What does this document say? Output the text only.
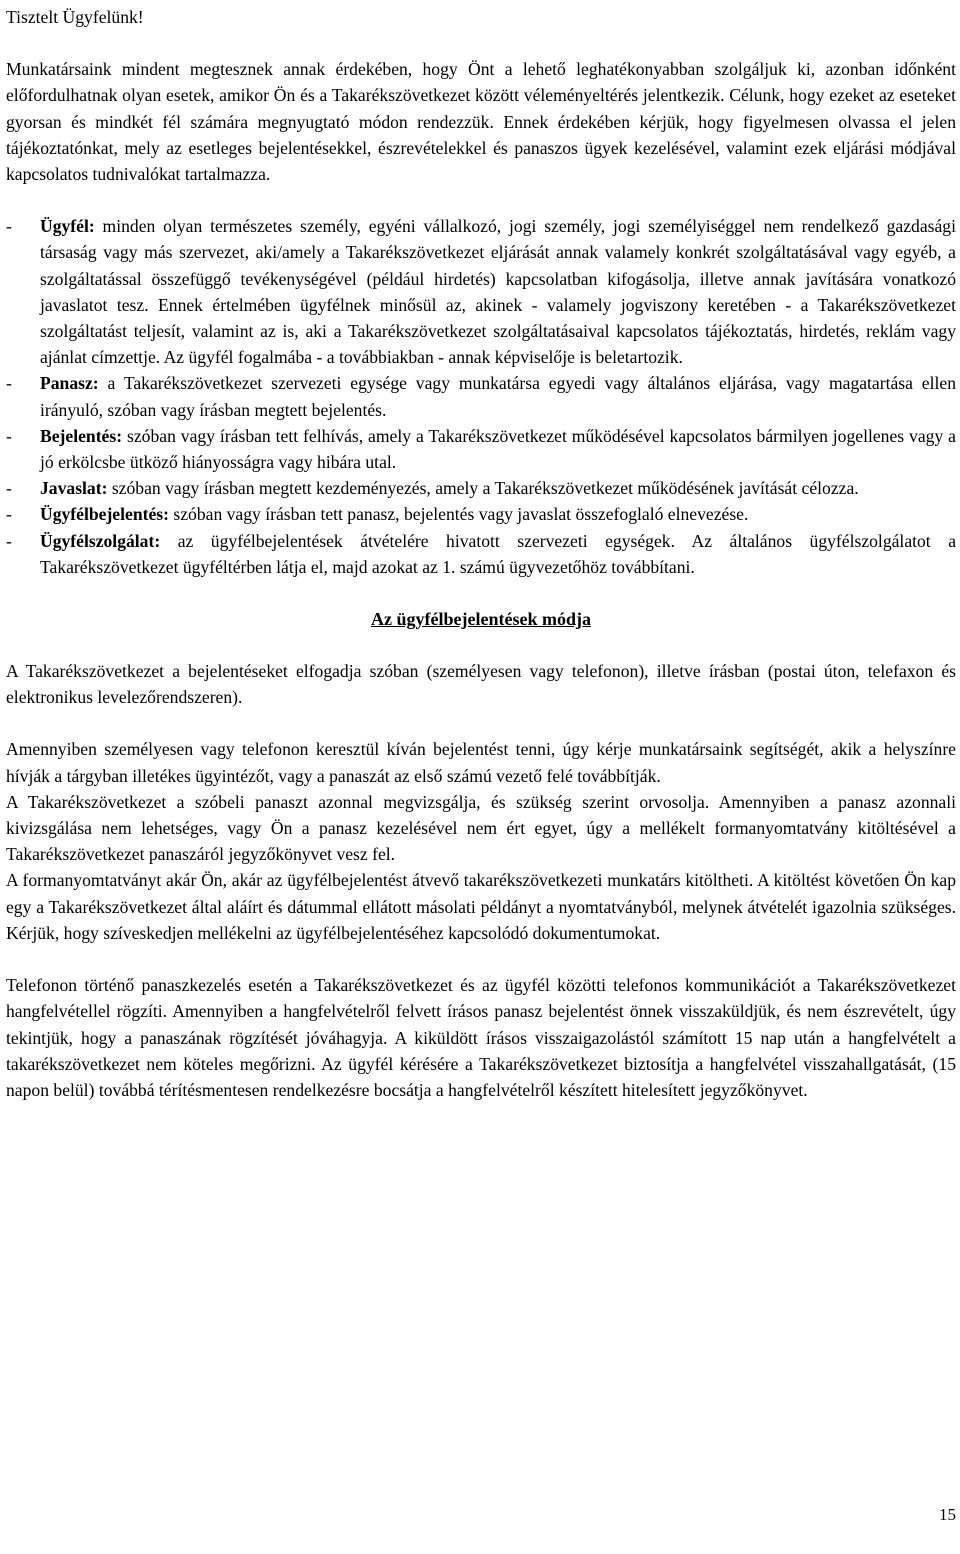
Tisztelt Ügyfelünk!

Munkatársaink mindent megtesznek annak érdekében, hogy Önt a lehető leghatékonyabban szolgáljuk ki, azonban időnként előfordulhatnak olyan esetek, amikor Ön és a Takarékszövetkezet között véleményeltérés jelentkezik. Célunk, hogy ezeket az eseteket gyorsan és mindkét fél számára megnyugtató módon rendezzük. Ennek érdekében kérjük, hogy figyelmesen olvassa el jelen tájékoztatónkat, mely az esetleges bejelentésekkel, észrevételekkel és panaszos ügyek kezelésével, valamint ezek eljárási módjával kapcsolatos tudnivalókat tartalmazza.

-	Ügyfél: minden olyan természetes személy, egyéni vállalkozó, jogi személy, jogi személyiséggel nem rendelkező gazdasági társaság vagy más szervezet, aki/amely a Takarékszövetkezet eljárását annak valamely konkrét szolgáltatásával vagy egyéb, a szolgáltatással összefüggő tevékenységével (például hirdetés) kapcsolatban kifogásolja, illetve annak javítására vonatkozó javaslatot tesz. Ennek értelmében ügyfélnek minősül az, akinek - valamely jogviszony keretében - a Takarékszövetkezet szolgáltatást teljesít, valamint az is, aki a Takarékszövetkezet szolgáltatásaival kapcsolatos tájékoztatás, hirdetés, reklám vagy ajánlat címzettje. Az ügyfél fogalmába - a továbbiakban - annak képviselője is beletartozik.
-	Panasz: a Takarékszövetkezet szervezeti egysége vagy munkatársa egyedi vagy általános eljárása, vagy magatartása ellen irányuló, szóban vagy írásban megtett bejelentés.
-	Bejelentés: szóban vagy írásban tett felhívás, amely a Takarékszövetkezet működésével kapcsolatos bármilyen jogellenes vagy a jó erkölcsbe ütköző hiányosságra vagy hibára utal.
-	Javaslat: szóban vagy írásban megtett kezdeményezés, amely a Takarékszövetkezet működésének javítását célozza.
-	Ügyfélbejelentés: szóban vagy írásban tett panasz, bejelentés vagy javaslat összefoglaló elnevezése.
-	Ügyfélszolgálat: az ügyfélbejelentések átvételére hivatott szervezeti egységek. Az általános ügyfélszolgálatot a Takarékszövetkezet ügyféltérben látja el, majd azokat az 1. számú ügyvezetőhöz továbbítani.
Az ügyfélbejelentések módja

A Takarékszövetkezet a bejelentéseket elfogadja szóban (személyesen vagy telefonon), illetve írásban (postai úton, telefaxon és elektronikus levelezőrendszeren).

Amennyiben személyesen vagy telefonon keresztül kíván bejelentést tenni, úgy kérje munkatársaink segítségét, akik a helyszínre hívják a tárgyban illetékes ügyintézőt, vagy a panaszát az első számú vezető felé továbbítják.

A Takarékszövetkezet a szóbeli panaszt azonnal megvizsgálja, és szükség szerint orvosolja. Amennyiben a panasz azonnali kivizsgálása nem lehetséges, vagy Ön a panasz kezelésével nem ért egyet, úgy a mellékelt formanyomtatvány kitöltésével a Takarékszövetkezet panaszáról jegyzőkönyvet vesz fel.

A formanyomtatványt akár Ön, akár az ügyfélbejelentést átvevő takarékszövetkezeti munkatárs kitöltheti. A kitöltést követően Ön kap egy a Takarékszövetkezet által aláírt és dátummal ellátott másolati példányt a nyomtatványból, melynek átvételét igazolnia szükséges. Kérjük, hogy szíveskedjen mellékelni az ügyfélbejelentéséhez kapcsolódó dokumentumokat.

Telefonon történő panaszkezelés esetén a Takarékszövetkezet és az ügyfél közötti telefonos kommunikációt a Takarékszövetkezet hangfelvétellel rögzíti. Amennyiben a hangfelvételről felvett írásos panasz bejelentést önnek visszaküldjük, és nem észrevételt, úgy tekintjük, hogy a panaszának rögzítését jóváhagyja. A kiküldött írásos visszaigazolástól számított 15 nap után a hangfelvételt a takarékszövetkezet nem köteles megőrizni. Az ügyfél kérésére a Takarékszövetkezet biztosítja a hangfelvétel visszahallgatását, (15 napon belül) továbbá térítésmentesen rendelkezésre bocsátja a hangfelvételről készített hitelesített jegyzőkönyvet.

15
